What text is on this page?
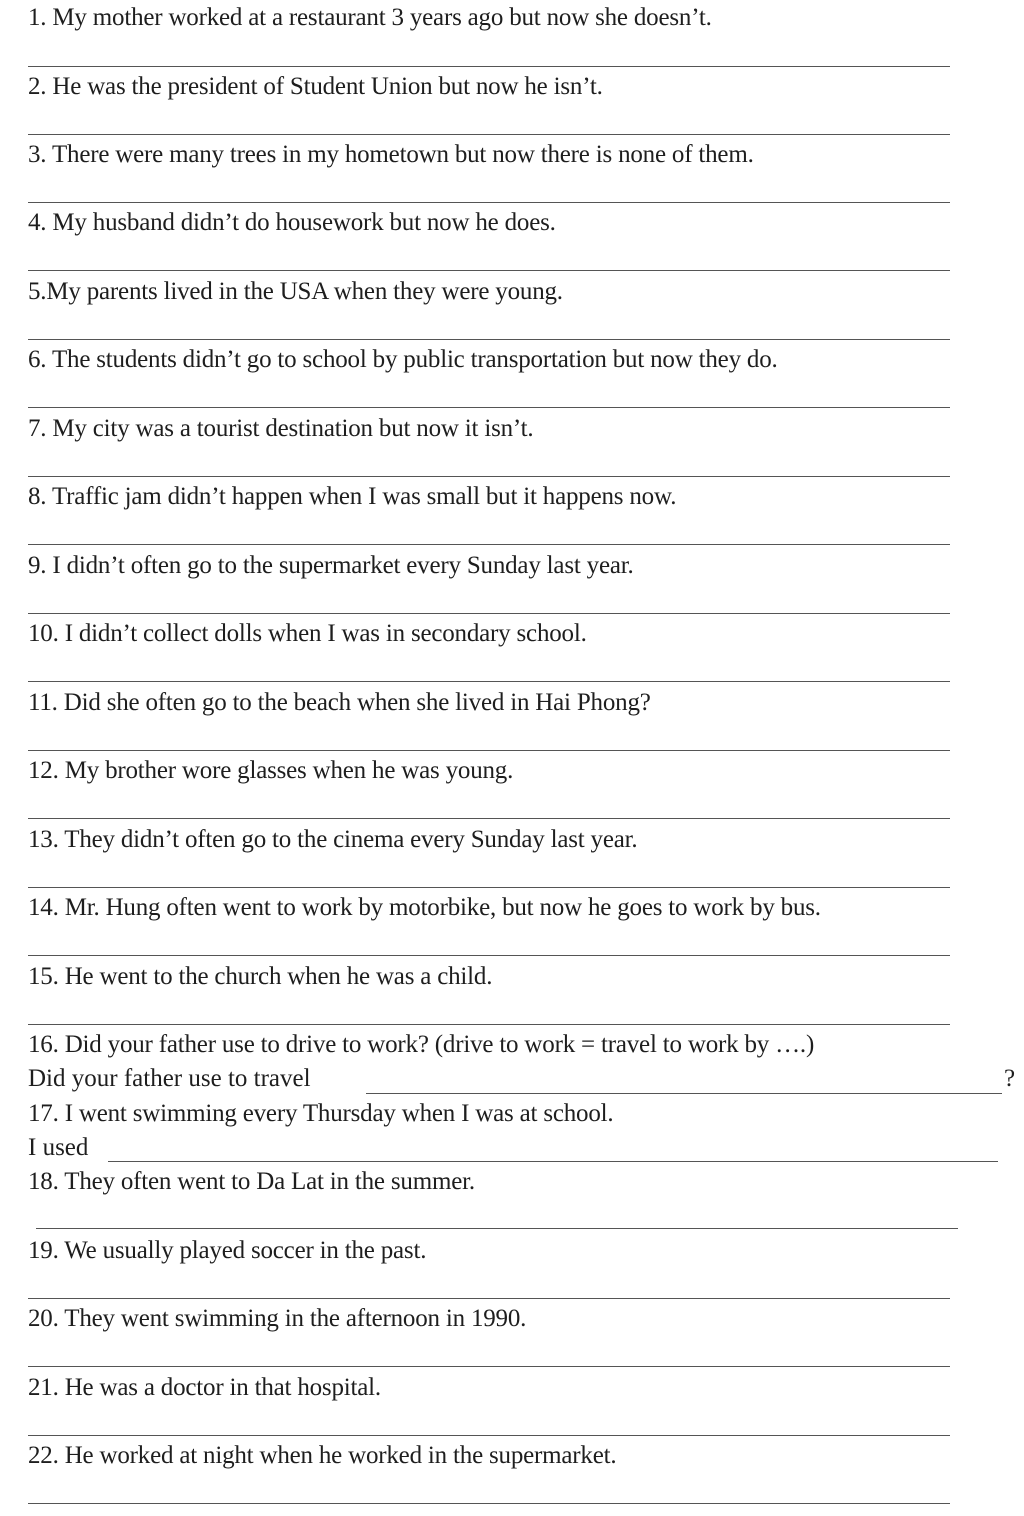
1. My mother worked at a restaurant 3 years ago but now she doesn’t.
2. He was the president of Student Union but now he isn’t.
3. There were many trees in my hometown but now there is none of them.
4. My husband didn’t do housework but now he does.
5.My parents lived in the USA when they were young.
6. The students didn’t go to school by public transportation but now they do.
7. My city was a tourist destination but now it isn’t.
8. Traffic jam didn’t happen when I was small but it happens now.
9. I didn’t often go to the supermarket every Sunday last year.
10. I didn’t collect dolls when I was in secondary school.
11. Did she often go to the beach when she lived in Hai Phong?
12. My brother wore glasses when he was young.
13. They didn’t often go to the cinema every Sunday last year.
14. Mr. Hung often went to work by motorbike, but now he goes to work by bus.
15. He went to the church when he was a child.
16. Did your father use to drive to work? (drive to work = travel to work by ….)
Did your father use to travel	?
17. I went swimming every Thursday when I was at school.
I used
18. They often went to Da Lat in the summer.
19. We usually played soccer in the past.
20. They went swimming in the afternoon in 1990.
21. He was a doctor in that hospital.
22. He worked at night when he worked in the supermarket.
